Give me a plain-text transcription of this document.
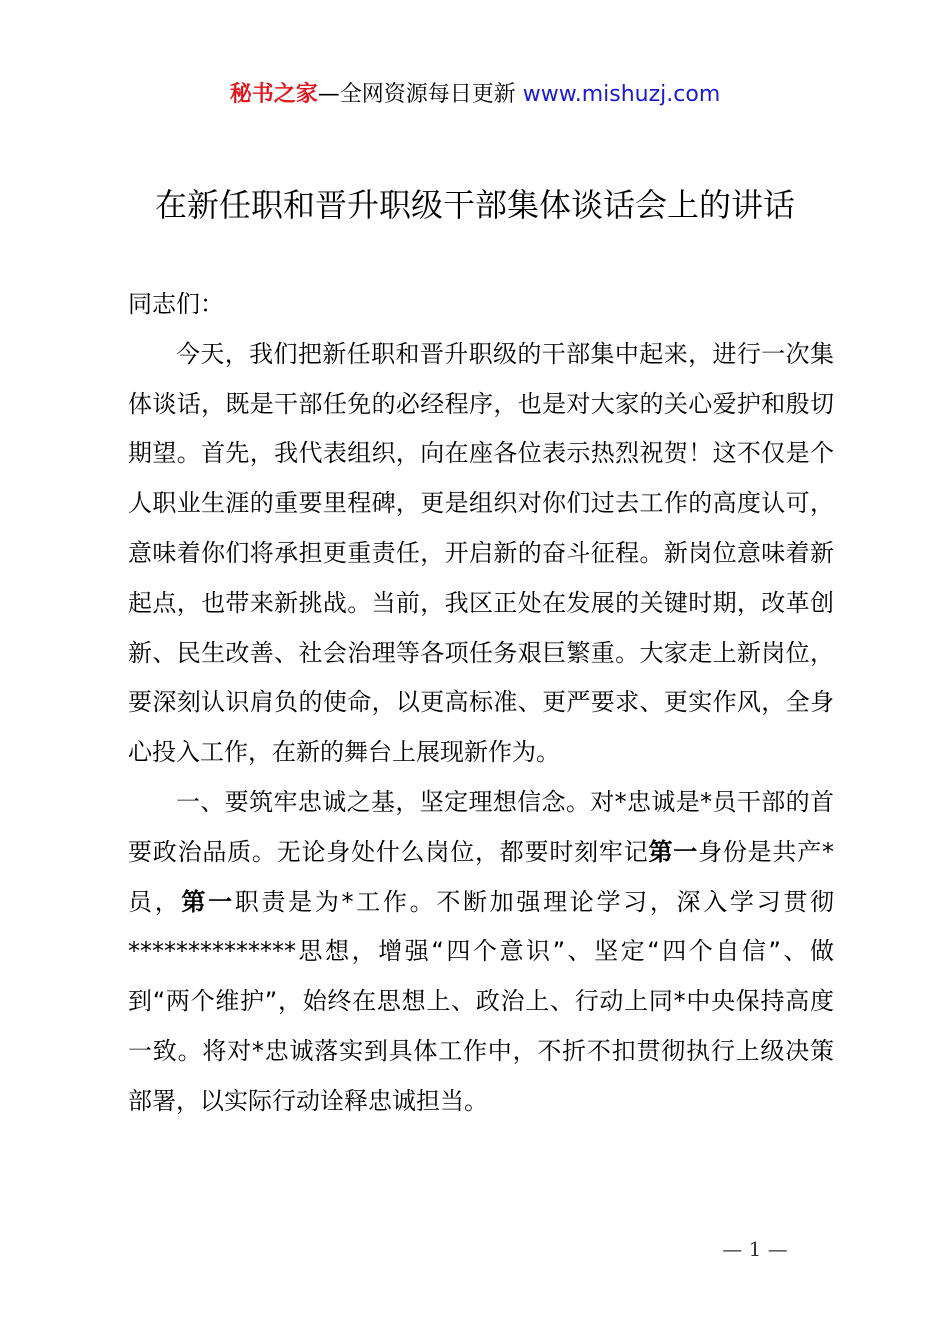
秘书之家—全网资源每日更新 www.mishuzj.com
在新任职和晋升职级干部集体谈话会上的讲话

同志们：

今天，我们把新任职和晋升职级的干部集中起来，进行一次集体谈话，既是干部任免的必经程序，也是对大家的关心爱护和殷切期望。首先，我代表组织，向在座各位表示热烈祝贺！这不仅是个人职业生涯的重要里程碑，更是组织对你们过去工作的高度认可，意味着你们将承担更重责任，开启新的奋斗征程。新岗位意味着新起点，也带来新挑战。当前，我区正处在发展的关键时期，改革创新、民生改善、社会治理等各项任务艰巨繁重。大家走上新岗位，要深刻认识肩负的使命，以更高标准、更严要求、更实作风，全身心投入工作，在新的舞台上展现新作为。

一、要筑牢忠诚之基，坚定理想信念。对*忠诚是*员干部的首要政治品质。无论身处什么岗位，都要时刻牢记第一身份是共产*员，第一职责是为*工作。不断加强理论学习，深入学习贯彻**************思想，增强“四个意识”、坚定“四个自信”、做到“两个维护”，始终在思想上、政治上、行动上同*中央保持高度一致。将对*忠诚落实到具体工作中，不折不扣贯彻执行上级决策部署，以实际行动诠释忠诚担当。

— 1 —
